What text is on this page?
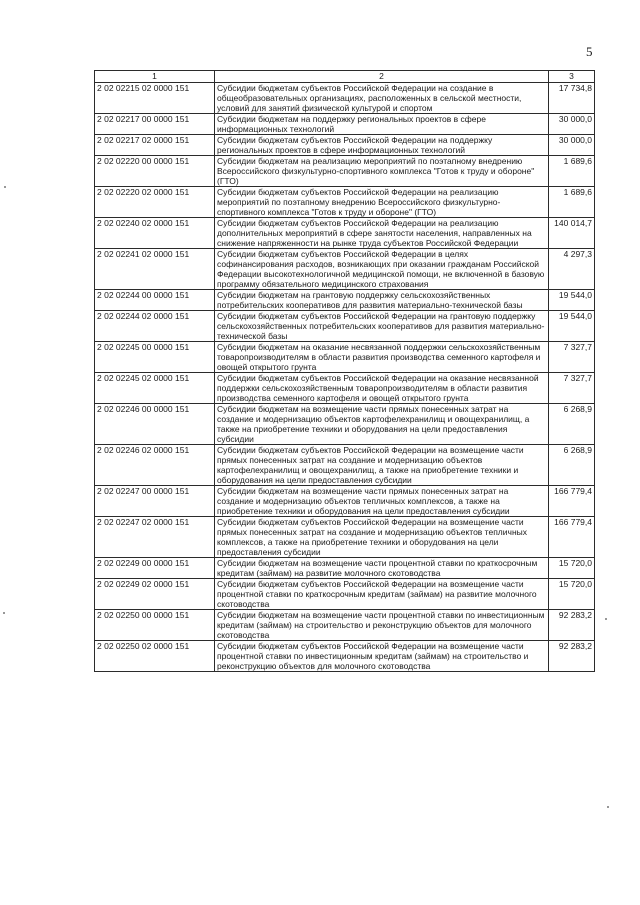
5
1	2	3
2 02 02215 02 0000 151	Субсидии бюджетам субъектов Российской Федерации на создание в общеобразовательных организациях, расположенных в сельской местности, условий для занятий физической культурой и спортом	17 734,8
2 02 02217 00 0000 151	Субсидии бюджетам на поддержку региональных проектов в сфере информационных технологий	30 000,0
2 02 02217 02 0000 151	Субсидии бюджетам субъектов Российской Федерации на поддержку региональных проектов в сфере информационных технологий	30 000,0
2 02 02220 00 0000 151	Субсидии бюджетам на реализацию мероприятий по поэтапному внедрению Всероссийского физкультурно-спортивного комплекса "Готов к труду и обороне" (ГТО)	1 689,6
2 02 02220 02 0000 151	Субсидии бюджетам субъектов Российской Федерации на реализацию мероприятий по поэтапному внедрению Всероссийского физкультурно-спортивного комплекса "Готов к труду и обороне" (ГТО)	1 689,6
2 02 02240 02 0000 151	Субсидии бюджетам субъектов Российской Федерации на реализацию дополнительных мероприятий в сфере занятости населения, направленных на снижение напряженности на рынке труда субъектов Российской Федерации	140 014,7
2 02 02241 02 0000 151	Субсидии бюджетам субъектов Российской Федерации в целях софинансирования расходов, возникающих при оказании гражданам Российской Федерации высокотехнологичной медицинской помощи, не включенной в базовую программу обязательного медицинского страхования	4 297,3
2 02 02244 00 0000 151	Субсидии бюджетам на грантовую поддержку сельскохозяйственных потребительских кооперативов для развития материально-технической базы	19 544,0
2 02 02244 02 0000 151	Субсидии бюджетам субъектов Российской Федерации на грантовую поддержку сельскохозяйственных потребительских кооперативов для развития материально-технической базы	19 544,0
2 02 02245 00 0000 151	Субсидии бюджетам на оказание несвязанной поддержки сельскохозяйственным товаропроизводителям в области развития производства семенного картофеля и овощей открытого грунта	7 327,7
2 02 02245 02 0000 151	Субсидии бюджетам субъектов Российской Федерации на оказание несвязанной поддержки сельскохозяйственным товаропроизводителям в области развития производства семенного картофеля и овощей открытого грунта	7 327,7
2 02 02246 00 0000 151	Субсидии бюджетам на возмещение части прямых понесенных затрат на создание и модернизацию объектов картофелехранилищ и овощехранилищ, а также на приобретение техники и оборудования на цели предоставления субсидии	6 268,9
2 02 02246 02 0000 151	Субсидии бюджетам субъектов Российской Федерации на возмещение части прямых понесенных затрат на создание и модернизацию объектов картофелехранилищ и овощехранилищ, а также на приобретение техники и оборудования на цели предоставления субсидии	6 268,9
2 02 02247 00 0000 151	Субсидии бюджетам на возмещение части прямых понесенных затрат на создание и модернизацию объектов тепличных комплексов, а также на приобретение техники и оборудования на цели предоставления субсидии	166 779,4
2 02 02247 02 0000 151	Субсидии бюджетам субъектов Российской Федерации на возмещение части прямых понесенных затрат на создание и модернизацию объектов тепличных комплексов, а также на приобретение техники и оборудования на цели предоставления субсидии	166 779,4
2 02 02249 00 0000 151	Субсидии бюджетам на возмещение части процентной ставки по краткосрочным кредитам (займам) на развитие молочного скотоводства	15 720,0
2 02 02249 02 0000 151	Субсидии бюджетам субъектов Российской Федерации на возмещение части процентной ставки по краткосрочным кредитам (займам) на развитие молочного скотоводства	15 720,0
2 02 02250 00 0000 151	Субсидии бюджетам на возмещение части процентной ставки по инвестиционным кредитам (займам) на строительство и реконструкцию объектов для молочного скотоводства	92 283,2
2 02 02250 02 0000 151	Субсидии бюджетам субъектов Российской Федерации на возмещение части процентной ставки по инвестиционным кредитам (займам) на строительство и реконструкцию объектов для молочного скотоводства	92 283,2
